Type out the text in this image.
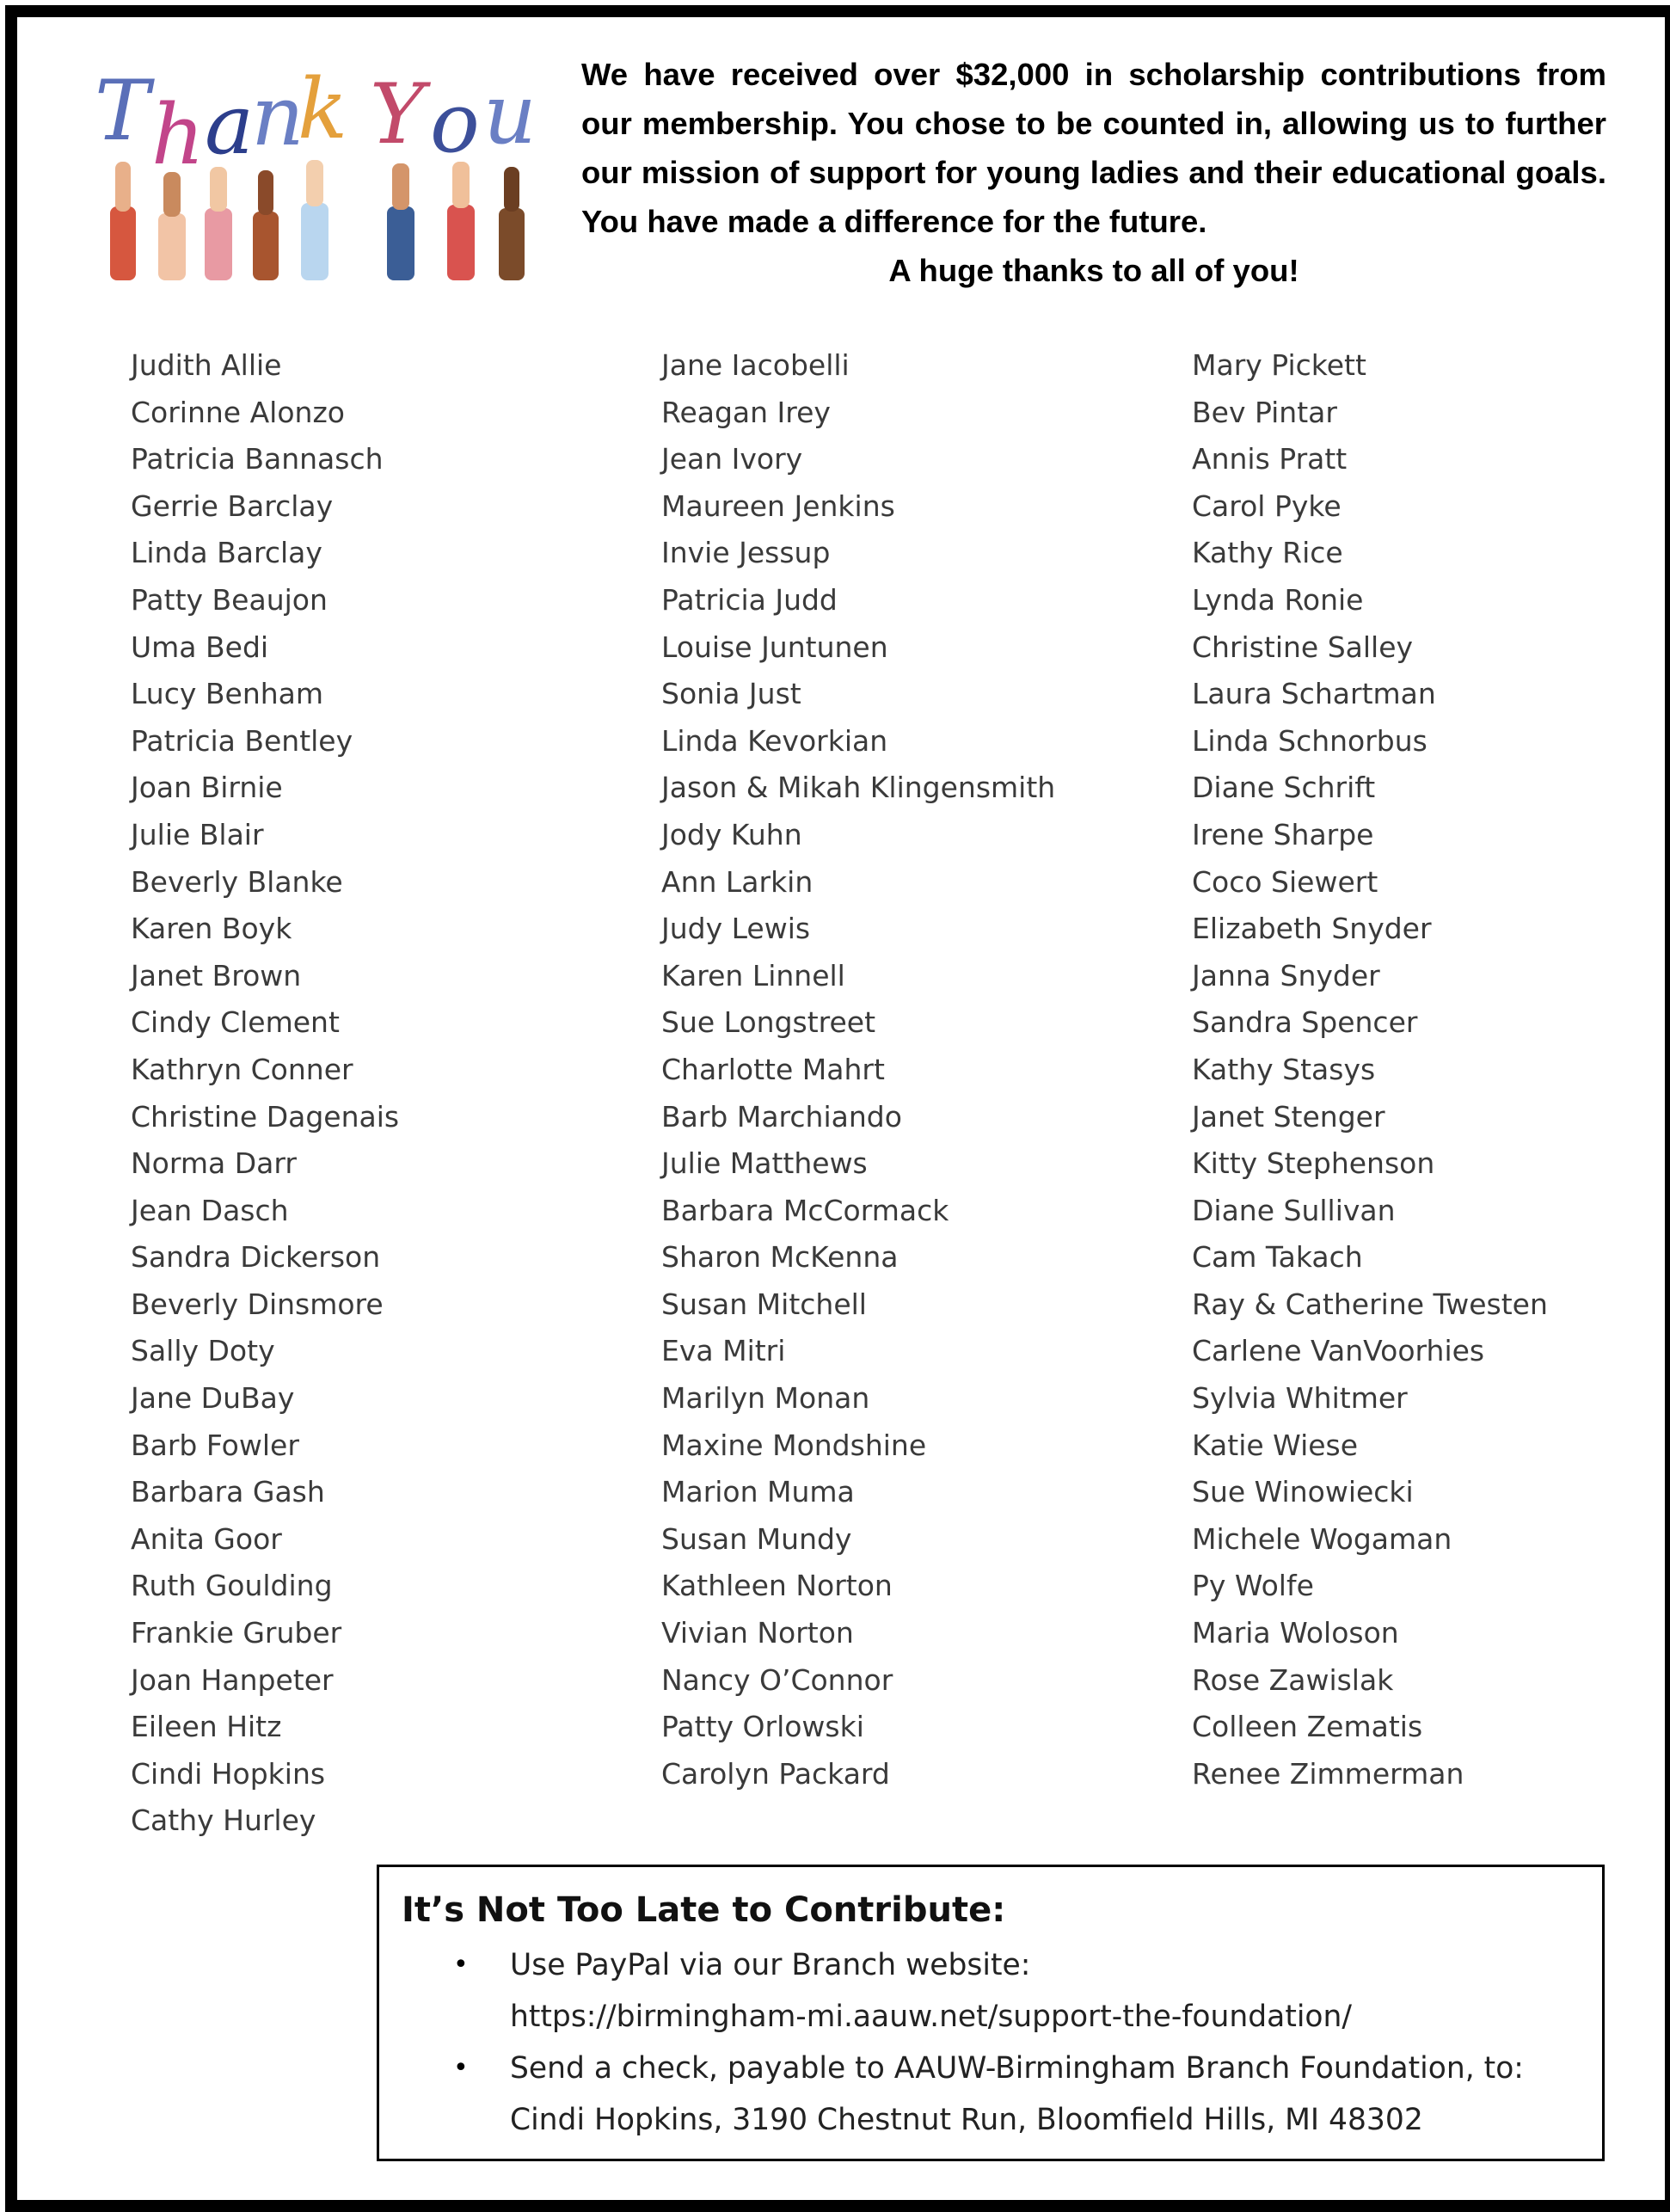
T h a
n
k Y o u We have received over $32,000 in scholarship contributions from our membership. You chose to be counted in, allowing us to further our mission of support for young ladies and their educational goals. You have made a difference for the future.
A huge thanks to all of you!
Judith Allie
Corinne Alonzo
Patricia Bannasch
Gerrie Barclay
Linda Barclay
Patty Beaujon
Uma Bedi
Lucy Benham
Patricia Bentley
Joan Birnie
Julie Blair
Beverly Blanke
Karen Boyk
Janet Brown
Cindy Clement
Kathryn Conner
Christine Dagenais
Norma Darr
Jean Dasch
Sandra Dickerson
Beverly Dinsmore
Sally Doty
Jane DuBay
Barb Fowler
Barbara Gash
Anita Goor
Ruth Goulding
Frankie Gruber
Joan Hanpeter
Eileen Hitz
Cindi Hopkins
Cathy Hurley
Jane Iacobelli
Reagan Irey
Jean Ivory
Maureen Jenkins
Invie Jessup
Patricia Judd
Louise Juntunen
Sonia Just
Linda Kevorkian
Jason & Mikah Klingensmith
Jody Kuhn
Ann Larkin
Judy Lewis
Karen Linnell
Sue Longstreet
Charlotte Mahrt
Barb Marchiando
Julie Matthews
Barbara McCormack
Sharon McKenna
Susan Mitchell
Eva Mitri
Marilyn Monan
Maxine Mondshine
Marion Muma
Susan Mundy
Kathleen Norton
Vivian Norton
Nancy O’Connor
Patty Orlowski
Carolyn Packard
Mary Pickett
Bev Pintar
Annis Pratt
Carol Pyke
Kathy Rice
Lynda Ronie
Christine Salley
Laura Schartman
Linda Schnorbus
Diane Schrift
Irene Sharpe
Coco Siewert
Elizabeth Snyder
Janna Snyder
Sandra Spencer
Kathy Stasys
Janet Stenger
Kitty Stephenson
Diane Sullivan
Cam Takach
Ray & Catherine Twesten
Carlene VanVoorhies
Sylvia Whitmer
Katie Wiese
Sue Winowiecki
Michele Wogaman
Py Wolfe
Maria Woloson
Rose Zawislak
Colleen Zematis
Renee Zimmerman
It’s Not Too Late to Contribute:
• Use PayPal via our Branch website:
https://birmingham-mi.aauw.net/support-the-foundation/
• Send a check, payable to AAUW-Birmingham Branch Foundation, to:
Cindi Hopkins, 3190 Chestnut Run, Bloomfield Hills, MI 48302
